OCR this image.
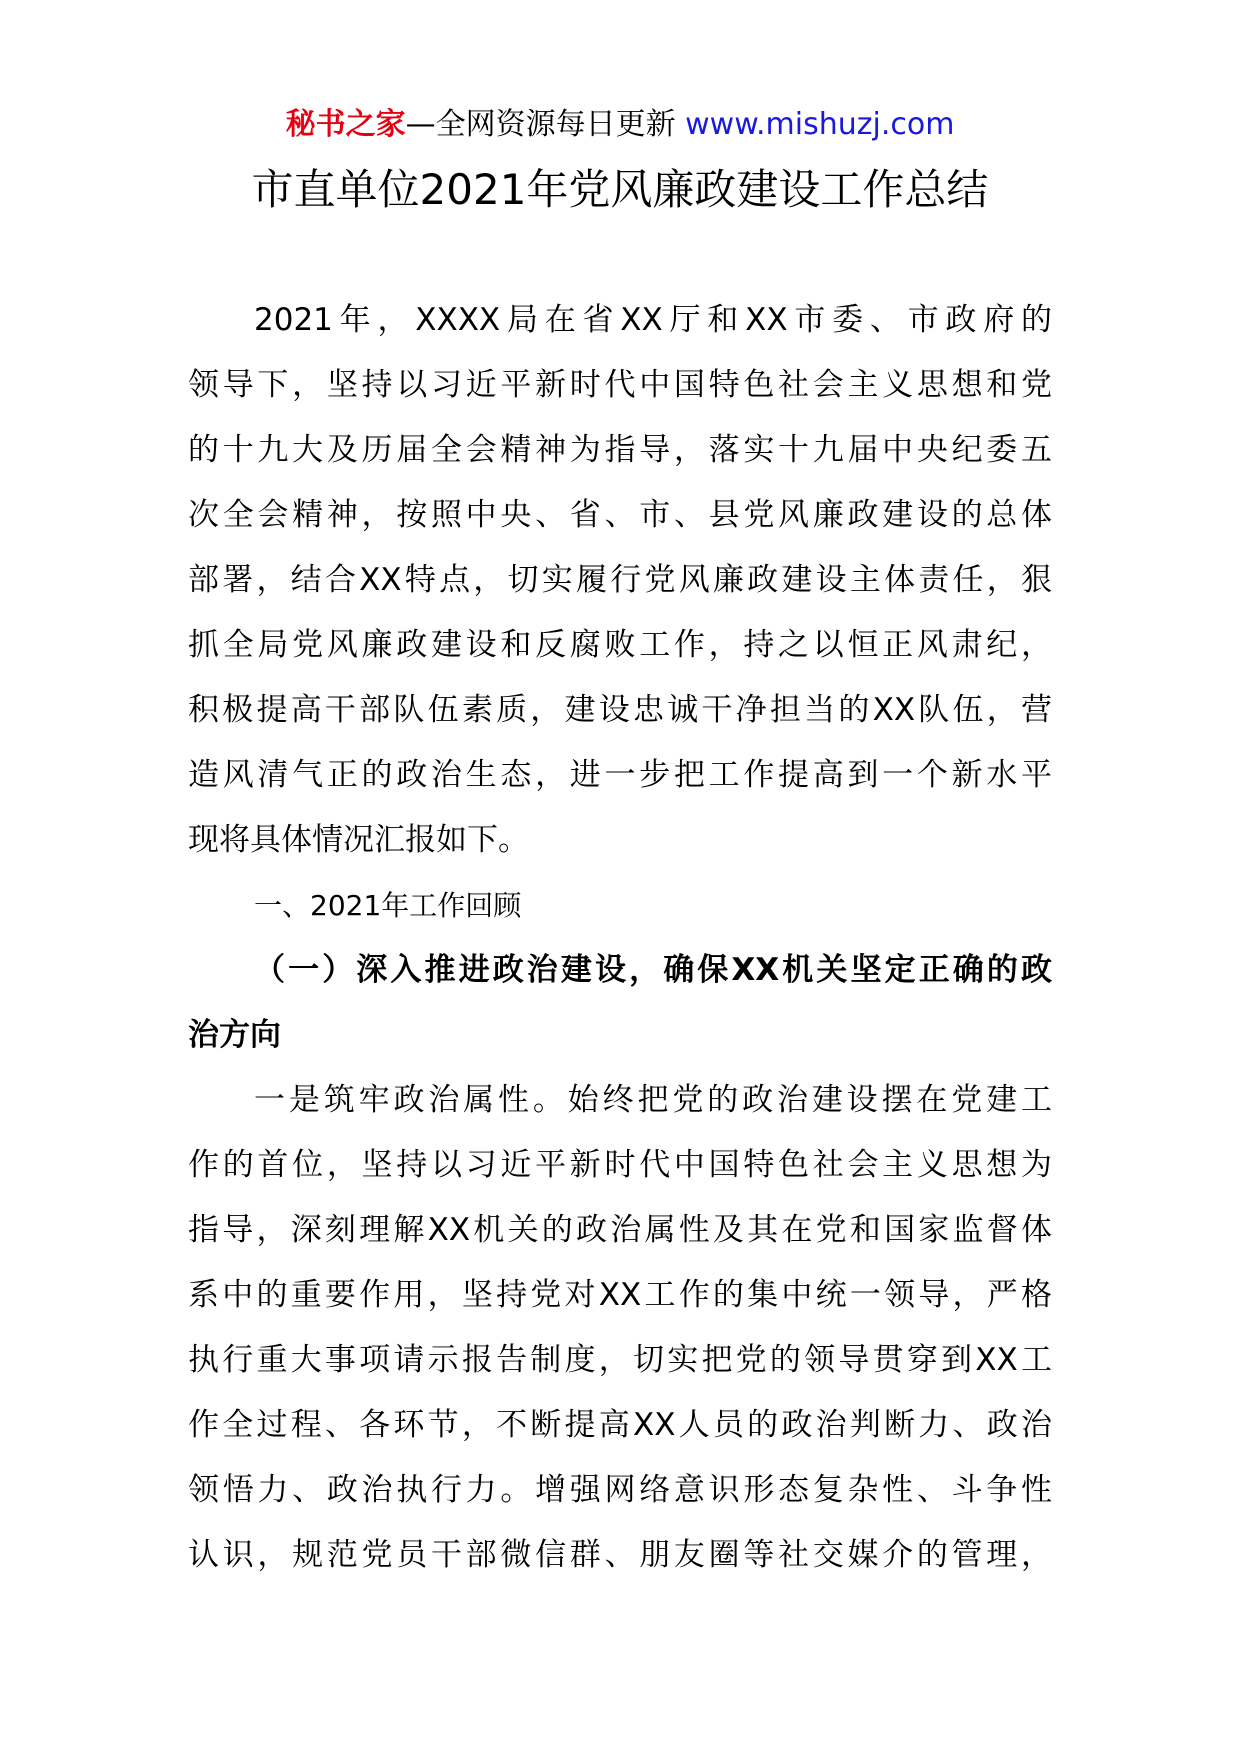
秘书之家—全网资源每日更新 www.mishuzj.com
市直单位2021年党风廉政建设工作总结
2021年，XXXX局在省XX厅和XX市委、市政府的
领导下，坚持以习近平新时代中国特色社会主义思想和党
的十九大及历届全会精神为指导，落实十九届中央纪委五
次全会精神，按照中央、省、市、县党风廉政建设的总体
部署，结合XX特点，切实履行党风廉政建设主体责任，狠
抓全局党风廉政建设和反腐败工作，持之以恒正风肃纪，
积极提高干部队伍素质，建设忠诚干净担当的XX队伍，营
造风清气正的政治生态，进一步把工作提高到一个新水平
现将具体情况汇报如下。
一、2021年工作回顾
（一）深入推进政治建设，确保XX机关坚定正确的政
治方向
一是筑牢政治属性。始终把党的政治建设摆在党建工
作的首位，坚持以习近平新时代中国特色社会主义思想为
指导，深刻理解XX机关的政治属性及其在党和国家监督体
系中的重要作用，坚持党对XX工作的集中统一领导，严格
执行重大事项请示报告制度，切实把党的领导贯穿到XX工
作全过程、各环节，不断提高XX人员的政治判断力、政治
领悟力、政治执行力。增强网络意识形态复杂性、斗争性
认识，规范党员干部微信群、朋友圈等社交媒介的管理，
